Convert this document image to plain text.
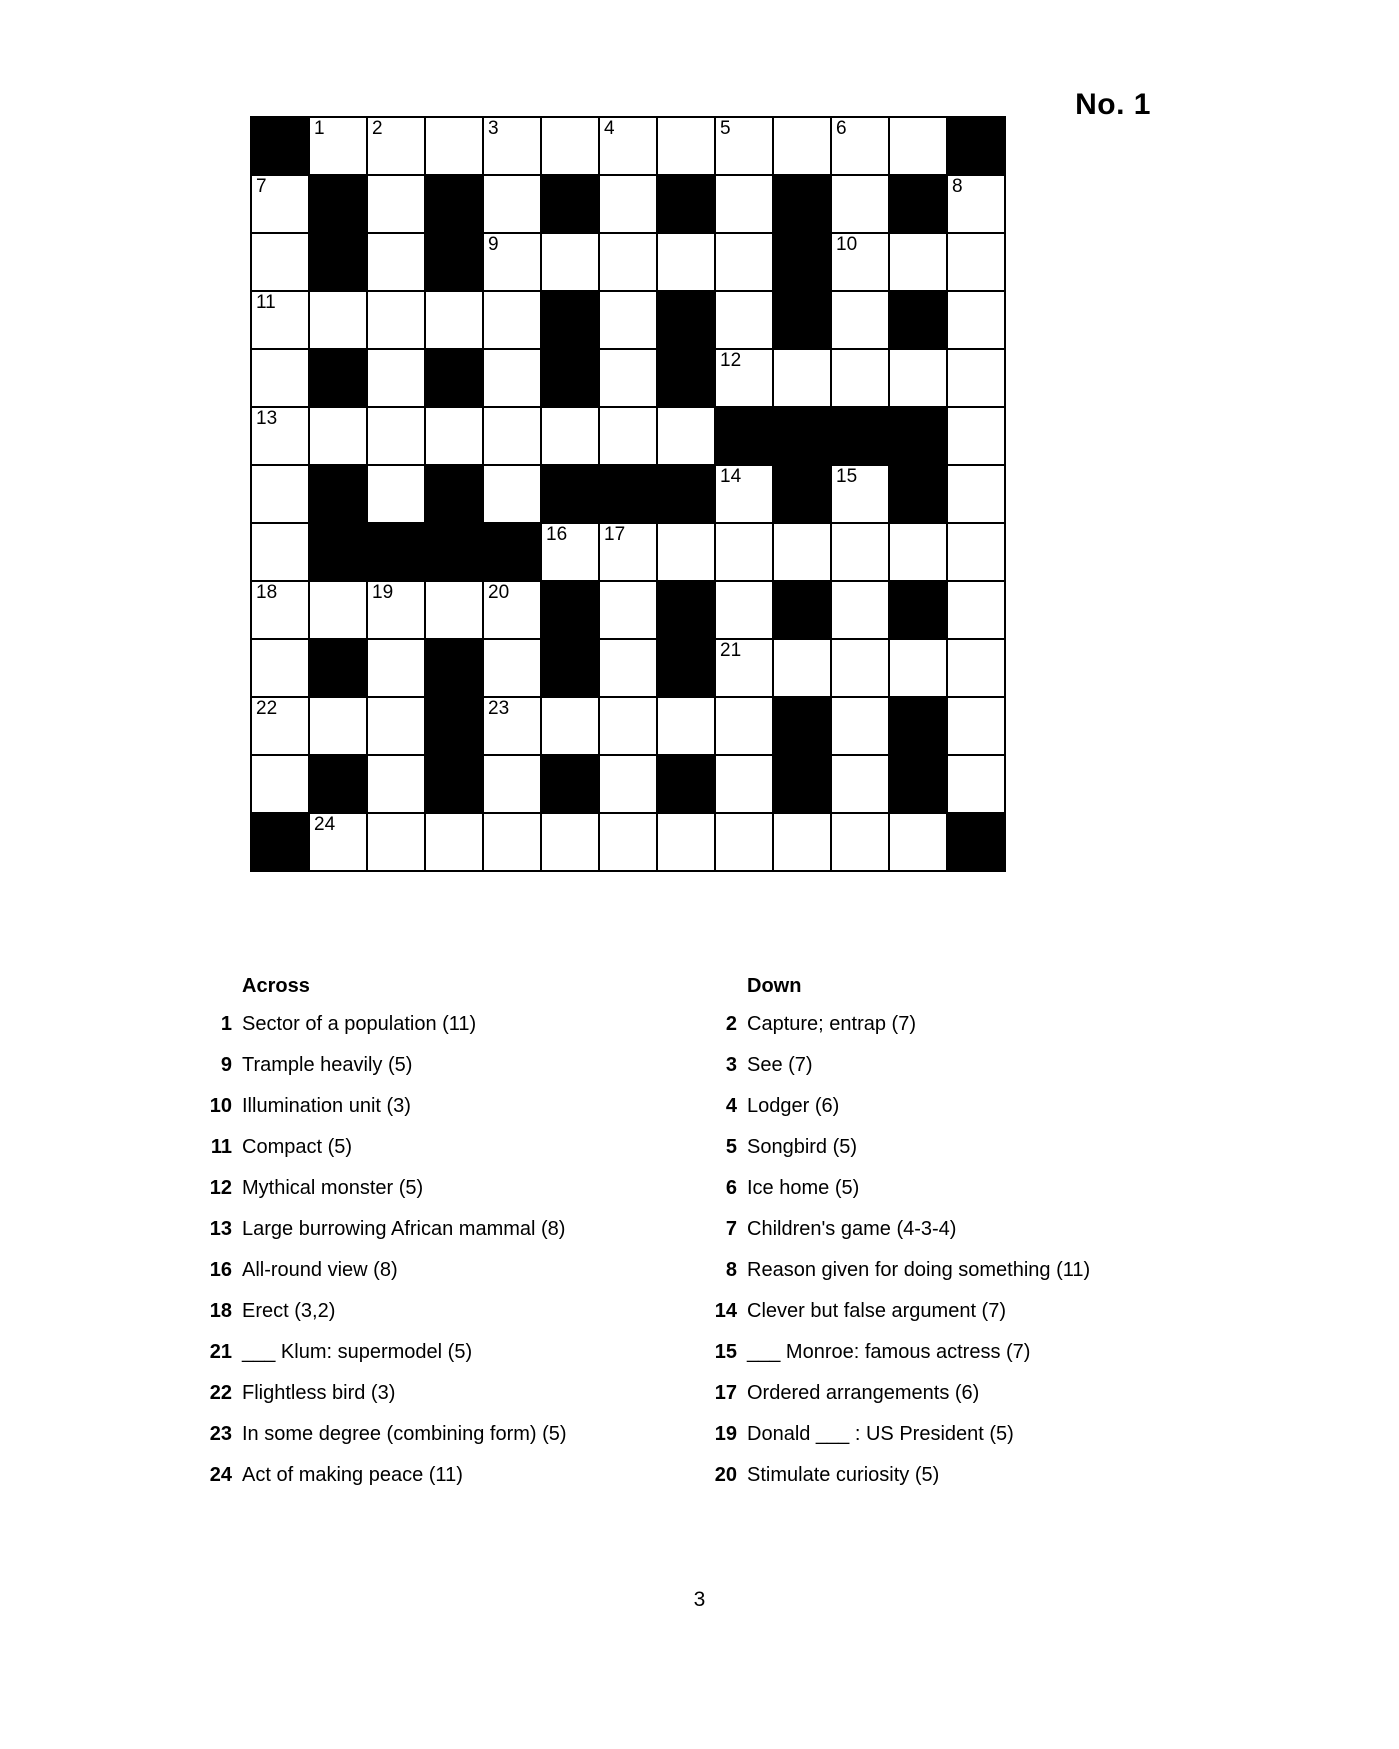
No. 1

	1	2		3		4		5		6		

7												8

				9						10		

11												

								12				

13												

								14		15		

					16	17						

18		19		20								

								21				

22				23								

	24											

Across
1 Sector of a population (11)
9 Trample heavily (5)
10 Illumination unit (3)
11 Compact (5)
12 Mythical monster (5)
13 Large burrowing African mammal (8)
16 All-round view (8)
18 Erect (3,2)
21 ___ Klum: supermodel (5)
22 Flightless bird (3)
23 In some degree (combining form) (5)
24 Act of making peace (11)
Down
2 Capture; entrap (7)
3 See (7)
4 Lodger (6)
5 Songbird (5)
6 Ice home (5)
7 Children's game (4-3-4)
8 Reason given for doing something (11)
14 Clever but false argument (7)
15 ___ Monroe: famous actress (7)
17 Ordered arrangements (6)
19 Donald ___ : US President (5)
20 Stimulate curiosity (5)
3
